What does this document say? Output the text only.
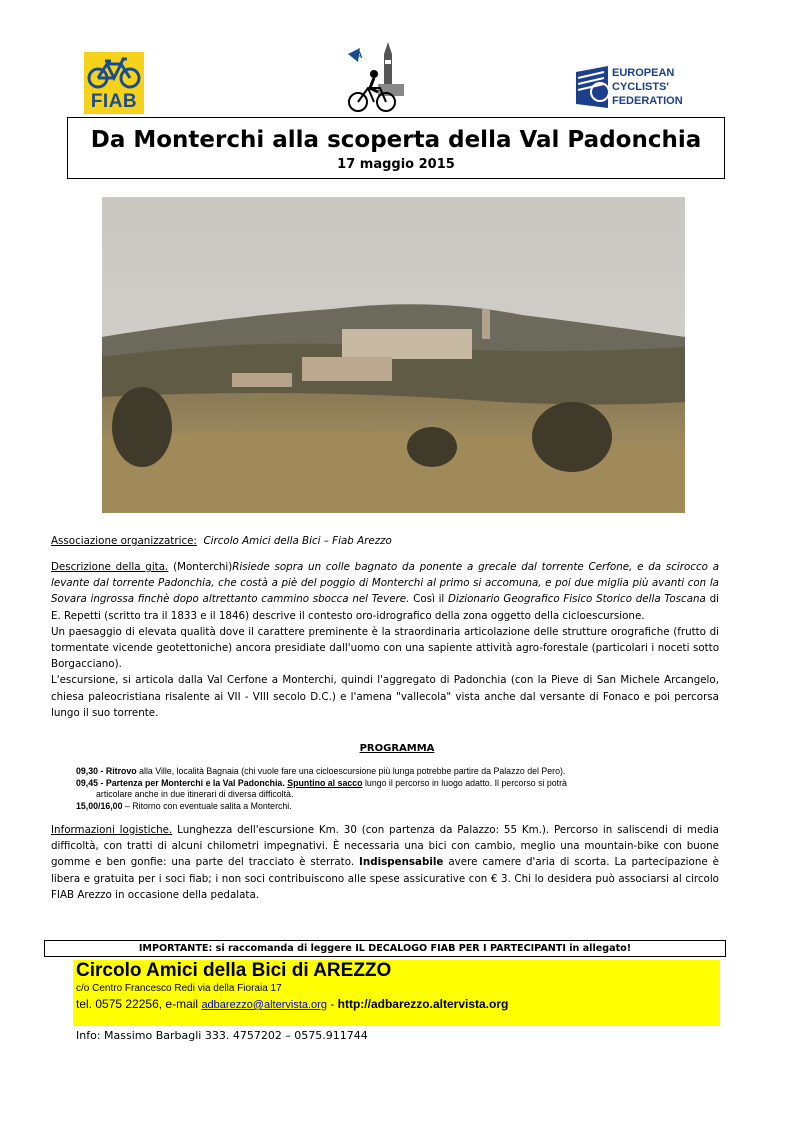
FIAB
A
EUROPEAN
CYCLISTS'
FEDERATION
Da Monterchi alla scoperta della Val Padonchia
17 maggio 2015
Associazione organizzatrice: Circolo Amici della Bici – Fiab Arezzo
Descrizione della gita. (Monterchi)Risiede sopra un colle bagnato da ponente a grecale dal torrente Cerfone, e da scirocco a levante dal torrente Padonchia, che costà a piè del poggio di Monterchi al primo si accomuna, e poi due miglia più avanti con la Sovara ingrossa finchè dopo altrettanto cammino sbocca nel Tevere. Così il Dizionario Geografico Fisico Storico della Toscana di E. Repetti (scritto tra il 1833 e il 1846) descrive il contesto oro-idrografico della zona oggetto della cicloescursione.
Un paesaggio di elevata qualità dove il carattere preminente è la straordinaria articolazione delle strutture orografiche (frutto di tormentate vicende geotettoniche) ancora presidiate dall'uomo con una sapiente attività agro-forestale (particolari i noceti sotto Borgacciano).
L'escursione, si articola dalla Val Cerfone a Monterchi, quindi l'aggregato di Padonchia (con la Pieve di San Michele Arcangelo, chiesa paleocristiana risalente ai VII - VIII secolo D.C.) e l'amena "vallecola" vista anche dal versante di Fonaco e poi percorsa lungo il suo torrente.
PROGRAMMA
09,30 - Ritrovo alla Ville, località Bagnaia (chi vuole fare una cicloescursione più lunga potrebbe partire da Palazzo del Pero).
09,45 - Partenza per Monterchi e la Val Padonchia. Spuntino al sacco lungo il percorso in luogo adatto. Il percorso si potrà
articolare anche in due itinerari di diversa difficoltà.
15,00/16,00 – Ritorno con eventuale salita a Monterchi.
Informazioni logistiche. Lunghezza dell'escursione Km. 30 (con partenza da Palazzo: 55 Km.). Percorso in saliscendi di media difficoltà, con tratti di alcuni chilometri impegnativi. È necessaria una bici con cambio, meglio una mountain-bike con buone gomme e ben gonfie: una parte del tracciato è sterrato. Indispensabile avere camere d'aria di scorta. La partecipazione è libera e gratuita per i soci fiab; i non soci contribuiscono alle spese assicurative con € 3. Chi lo desidera può associarsi al circolo FIAB Arezzo in occasione della pedalata.
IMPORTANTE: si raccomanda di leggere IL DECALOGO FIAB PER I PARTECIPANTI in allegato!
Circolo Amici della Bici di AREZZO
c/o Centro Francesco Redi via della Fioraia 17
tel. 0575 22256, e-mail adbarezzo@altervista.org - http://adbarezzo.altervista.org
Info: Massimo Barbagli 333. 4757202 – 0575.911744
